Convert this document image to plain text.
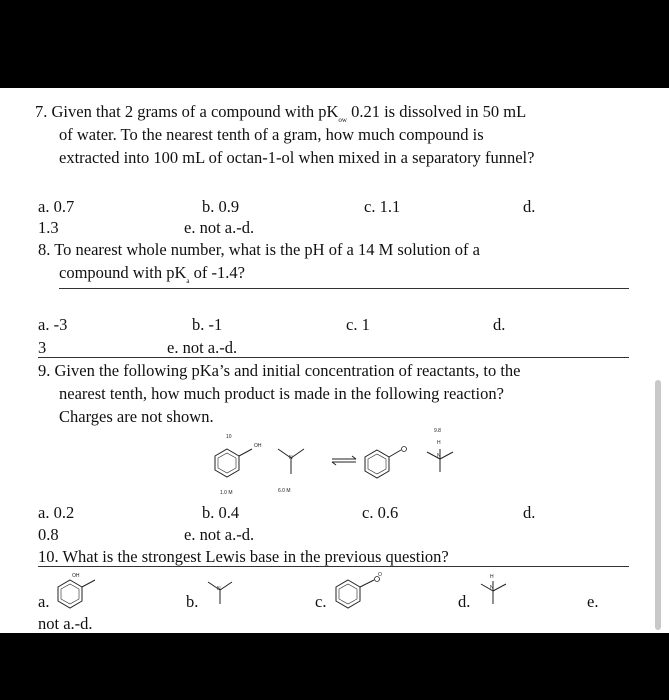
7. Given that 2 grams of a compound with $pK_{ow}$ 0.21 is dissolved in 50 mL
of water. To the nearest tenth of a gram, how much compound is
extracted into 100 mL of octan-1-ol when mixed in a separatory funnel?
a. 0.7	b. 0.9	c. 1.1	d.
1.3	e. not a.-d.
8. To nearest whole number, what is the pH of a 14 M solution of a
compound with $pK_a$ of -1.4?
a. -3	b. -1	c. 1	d.
3	e. not a.-d.
9. Given the following pKa’s and initial concentration of reactants, to the
nearest tenth, how much product is made in the following reaction?
Charges are not shown.
10
9.8
1.0 M	6.0 M
OH	H
N
N
a. 0.2	b. 0.4	c. 0.6	d.
0.8	e. not a.-d.
10. What is the strongest Lewis base in the previous question?
a.	b.	c.	d.	e.
not a.-d.
OH	O
N
H
N
